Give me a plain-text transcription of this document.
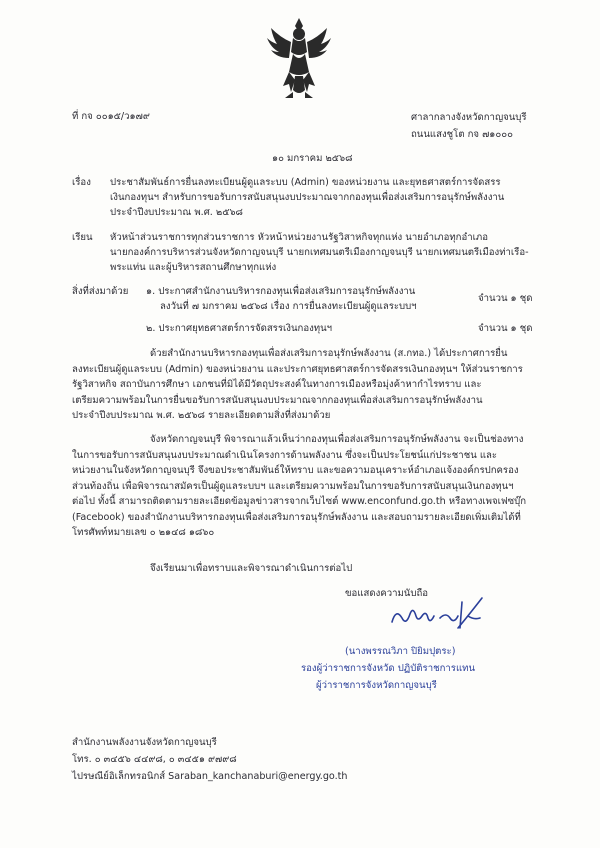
ที่ กจ ๐๐๑๕/ว๑๗๙	ศาลากลางจังหวัดกาญจนบุรี
ถนนแสงชูโต กจ ๗๑๐๐๐
๑๐ มกราคม ๒๕๖๘
เรื่อง ประชาสัมพันธ์การยื่นลงทะเบียนผู้ดูแลระบบ (Admin) ของหน่วยงาน และยุทธศาสตร์การจัดสรร
เงินกองทุนฯ สำหรับการขอรับการสนับสนุนงบประมาณจากกองทุนเพื่อส่งเสริมการอนุรักษ์พลังงาน
ประจำปีงบประมาณ พ.ศ. ๒๕๖๘
เรียน หัวหน้าส่วนราชการทุกส่วนราชการ หัวหน้าหน่วยงานรัฐวิสาหกิจทุกแห่ง นายอำเภอทุกอำเภอ
นายกองค์การบริหารส่วนจังหวัดกาญจนบุรี นายกเทศมนตรีเมืองกาญจนบุรี นายกเทศมนตรีเมืองท่าเรือ-
พระแท่น และผู้บริหารสถานศึกษาทุกแห่ง
สิ่งที่ส่งมาด้วย ๑. ประกาศสำนักงานบริหารกองทุนเพื่อส่งเสริมการอนุรักษ์พลังงาน
ลงวันที่ ๗ มกราคม ๒๕๖๘ เรื่อง การยื่นลงทะเบียนผู้ดูแลระบบฯ
จำนวน ๑ ชุด
๒. ประกาศยุทธศาสตร์การจัดสรรเงินกองทุนฯ	จำนวน ๑ ชุด
ด้วยสำนักงานบริหารกองทุนเพื่อส่งเสริมการอนุรักษ์พลังงาน (ส.กทอ.) ได้ประกาศการยื่น
ลงทะเบียนผู้ดูแลระบบ (Admin) ของหน่วยงาน และประกาศยุทธศาสตร์การจัดสรรเงินกองทุนฯ ให้ส่วนราชการ
รัฐวิสาหกิจ สถาบันการศึกษา เอกชนที่มิได้มีวัตถุประสงค์ในทางการเมืองหรือมุ่งค้าหากำไรทราบ และ
เตรียมความพร้อมในการยื่นขอรับการสนับสนุนงบประมาณจากกองทุนเพื่อส่งเสริมการอนุรักษ์พลังงาน
ประจำปีงบประมาณ พ.ศ. ๒๕๖๘ รายละเอียดตามสิ่งที่ส่งมาด้วย
จังหวัดกาญจนบุรี พิจารณาแล้วเห็นว่ากองทุนเพื่อส่งเสริมการอนุรักษ์พลังงาน จะเป็นช่องทาง
ในการขอรับการสนับสนุนงบประมาณดำเนินโครงการด้านพลังงาน ซึ่งจะเป็นประโยชน์แก่ประชาชน และ
หน่วยงานในจังหวัดกาญจนบุรี จึงขอประชาสัมพันธ์ให้ทราบ และขอความอนุเคราะห์อำเภอแจ้งองค์กรปกครอง
ส่วนท้องถิ่น เพื่อพิจารณาสมัครเป็นผู้ดูแลระบบฯ และเตรียมความพร้อมในการขอรับการสนับสนุนเงินกองทุนฯ
ต่อไป ทั้งนี้ สามารถติดตามรายละเอียดข้อมูลข่าวสารจากเว็บไซต์ www.enconfund.go.th หรือทางเพจเฟซบุ๊ก
(Facebook) ของสำนักงานบริหารกองทุนเพื่อส่งเสริมการอนุรักษ์พลังงาน และสอบถามรายละเอียดเพิ่มเติมได้ที่
โทรศัพท์หมายเลข ๐ ๒๑๔๘ ๑๘๖๐
จึงเรียนมาเพื่อทราบและพิจารณาดำเนินการต่อไป
ขอแสดงความนับถือ
(นางพรรณวิภา ปิยิมปุตระ)
รองผู้ว่าราชการจังหวัด ปฏิบัติราชการแทน
ผู้ว่าราชการจังหวัดกาญจนบุรี
สำนักงานพลังงานจังหวัดกาญจนบุรี
โทร. ๐ ๓๔๕๖ ๔๔๙๘, ๐ ๓๔๕๑ ๙๗๙๘
ไปรษณีย์อิเล็กทรอนิกส์ Saraban_kanchanaburi@energy.go.th
